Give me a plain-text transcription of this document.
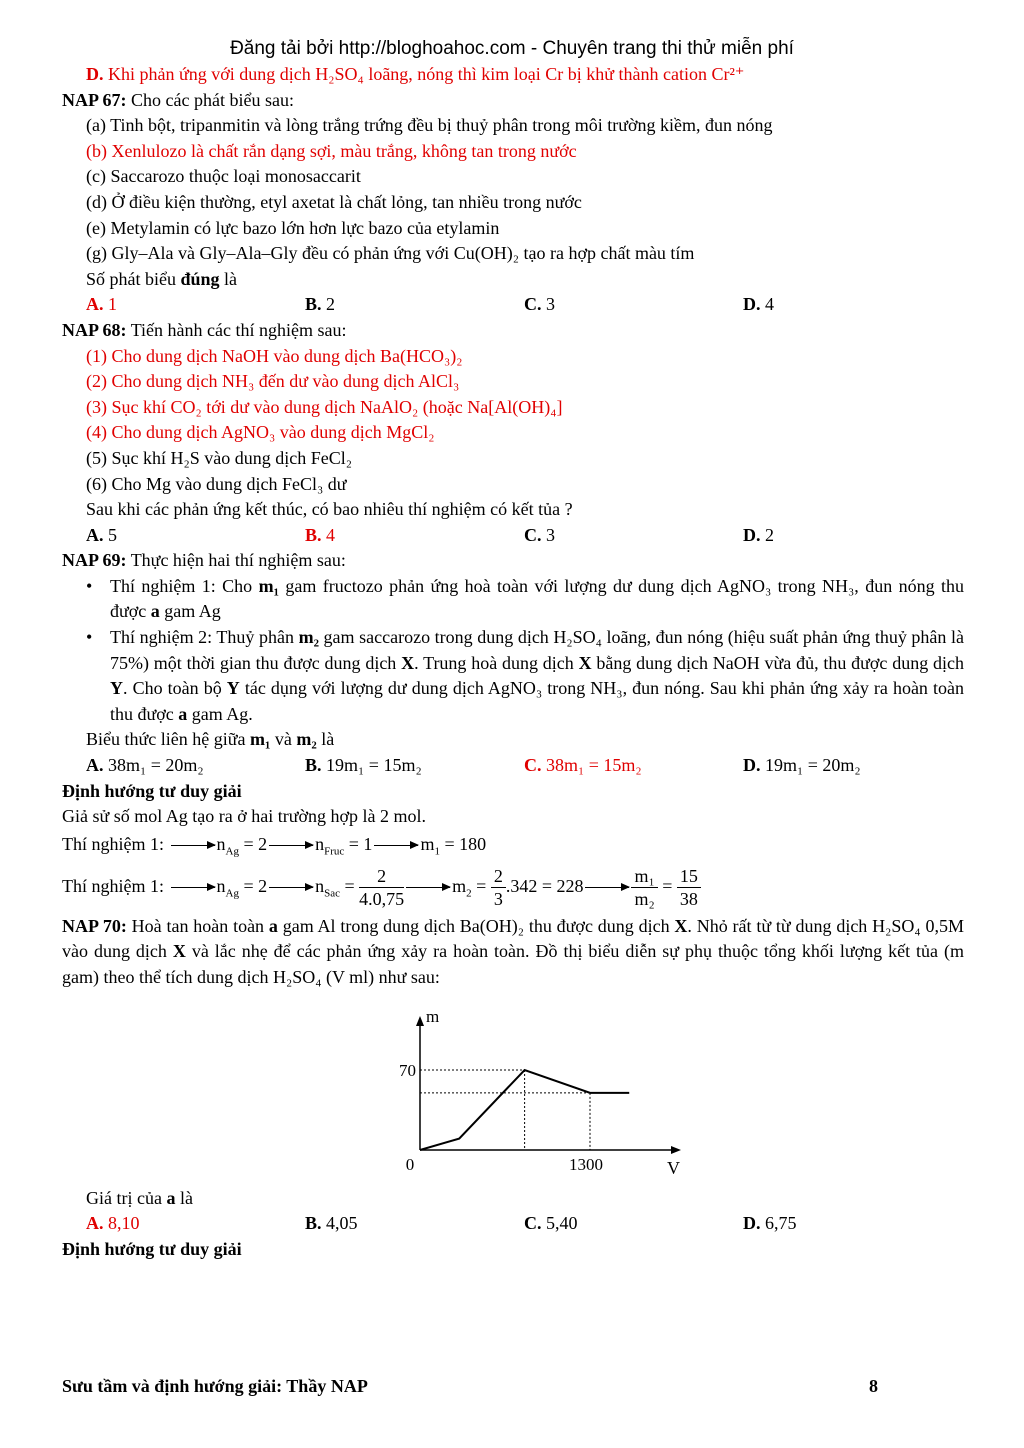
Đăng tải bởi http://bloghoahoc.com - Chuyên trang thi thử miễn phí
D. Khi phản ứng với dung dịch H₂SO₄ loãng, nóng thì kim loại Cr bị khử thành cation Cr²⁺
NAP 67: Cho các phát biểu sau:
(a) Tinh bột, tripanmitin và lòng trắng trứng đều bị thuỷ phân trong môi trường kiềm, đun nóng
(b) Xenlulozo là chất rắn dạng sợi, màu trắng, không tan trong nước
(c) Saccarozo thuộc loại monosaccarit
(d) Ở điều kiện thường, etyl axetat là chất lỏng, tan nhiều trong nước
(e) Metylamin có lực bazo lớn hơn lực bazo của etylamin
(g) Gly–Ala và Gly–Ala–Gly đều có phản ứng với Cu(OH)₂ tạo ra hợp chất màu tím
Số phát biểu đúng là
A. 1	B. 2	C. 3	D. 4
NAP 68: Tiến hành các thí nghiệm sau:
(1) Cho dung dịch NaOH vào dung dịch Ba(HCO₃)₂
(2) Cho dung dịch NH₃ đến dư vào dung dịch AlCl₃
(3) Sục khí CO₂ tới dư vào dung dịch NaAlO₂ (hoặc Na[Al(OH)₄]
(4) Cho dung dịch AgNO₃ vào dung dịch MgCl₂
(5) Sục khí H₂S vào dung dịch FeCl₂
(6) Cho Mg vào dung dịch FeCl₃ dư
Sau khi các phản ứng kết thúc, có bao nhiêu thí nghiệm có kết tủa ?
A. 5	B. 4	C. 3	D. 2
NAP 69: Thực hiện hai thí nghiệm sau:
• Thí nghiệm 1: Cho m₁ gam fructozo phản ứng hoà toàn với lượng dư dung dịch AgNO₃ trong NH₃, đun nóng thu được a gam Ag
• Thí nghiệm 2: Thuỷ phân m₂ gam saccarozo trong dung dịch H₂SO₄ loãng, đun nóng (hiệu suất phản ứng thuỷ phân là 75%) một thời gian thu được dung dịch X. Trung hoà dung dịch X bằng dung dịch NaOH vừa đủ, thu được dung dịch Y. Cho toàn bộ Y tác dụng với lượng dư dung dịch AgNO₃ trong NH₃, đun nóng. Sau khi phản ứng xảy ra hoàn toàn thu được a gam Ag.
Biểu thức liên hệ giữa m₁ và m₂ là
A. 38m₁ = 20m₂	B. 19m₁ = 15m₂	C. 38m₁ = 15m₂	D. 19m₁ = 20m₂
Định hướng tư duy giải
Giả sử số mol Ag tạo ra ở hai trường hợp là 2 mol.
Thí nghiệm 1:	$n_{Ag} = 2$	$n_{Fruc} = 1$	$m_1 = 180$
Thí nghiệm 1:	$n_{Ag} = 2$	$n_{Sac} = \frac{2}{4.0,75}$	$m_2 = \frac{2}{3} .342 = 228$	$\frac{\text{m₁}}{\text{m₂}} = \frac{15}{38}$
NAP 70: Hoà tan hoàn toàn a gam Al trong dung dịch Ba(OH)₂ thu được dung dịch X. Nhỏ rất từ từ dung dịch H₂SO₄ 0,5M vào dung dịch X và lắc nhẹ để các phản ứng xảy ra hoàn toàn. Đồ thị biểu diễn sự phụ thuộc tổng khối lượng kết tủa (m gam) theo thể tích dung dịch H₂SO₄ (V ml) như sau:
Giá trị của a là
A. 8,10	B. 4,05	C. 5,40	D. 6,75
Định hướng tư duy giải
m
V
0
70
1300
Sưu tầm và định hướng giải: Thầy NAP	8
